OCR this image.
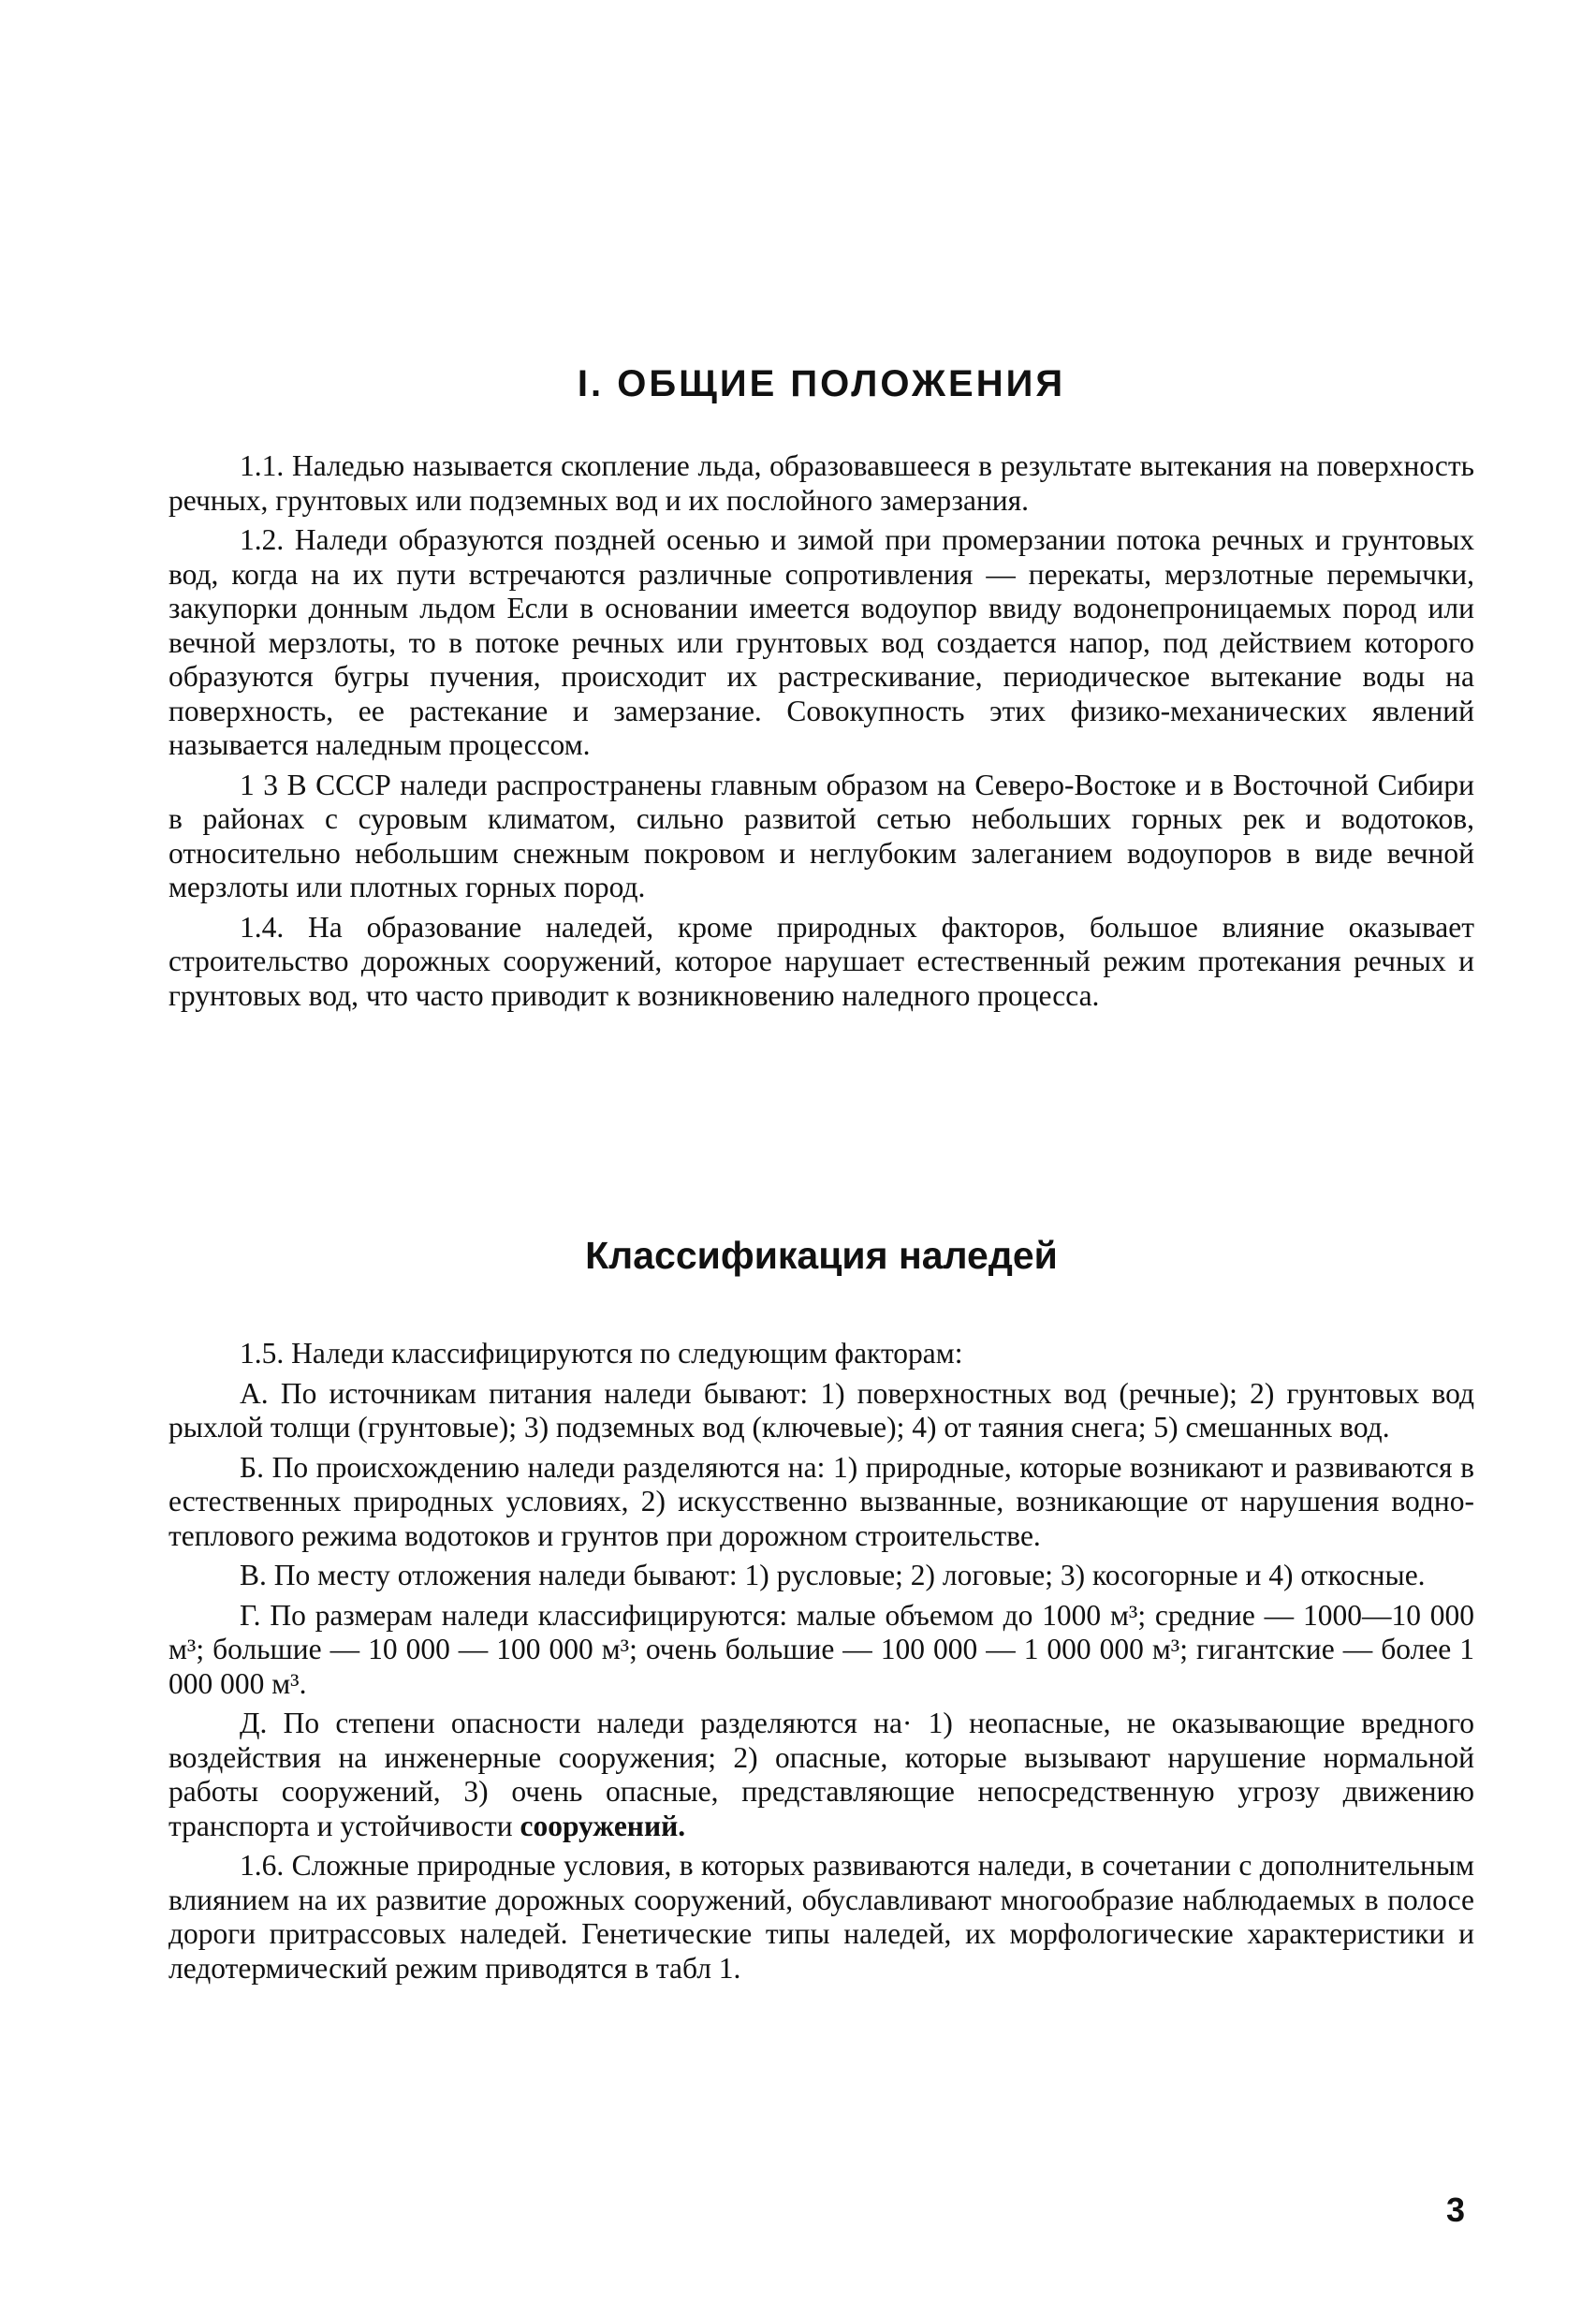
I. ОБЩИЕ ПОЛОЖЕНИЯ

1.1. Наледью называется скопление льда, образовавшееся в результате вытекания на поверхность речных, грунтовых или подземных вод и их послойного замерзания.

1.2. Наледи образуются поздней осенью и зимой при промерзании потока речных и грунтовых вод, когда на их пути встречаются различные сопротивления — перекаты, мерзлотные перемычки, закупорки донным льдом Если в основании имеется водоупор ввиду водонепроницаемых пород или вечной мерзлоты, то в потоке речных или грунтовых вод создается напор, под действием которого образуются бугры пучения, происходит их растрескивание, периодическое вытекание воды на поверхность, ее растекание и замерзание. Совокупность этих физико-механических явлений называется наледным процессом.

1 3 В СССР наледи распространены главным образом на Северо-Востоке и в Восточной Сибири в районах с суровым климатом, сильно развитой сетью небольших горных рек и водотоков, относительно небольшим снежным покровом и неглубоким залеганием водоупоров в виде вечной мерзлоты или плотных горных пород.

1.4. На образование наледей, кроме природных факторов, большое влияние оказывает строительство дорожных сооружений, которое нарушает естественный режим протекания речных и грунтовых вод, что часто приводит к возникновению наледного процесса.

Классификация наледей

1.5. Наледи классифицируются по следующим факторам:

А. По источникам питания наледи бывают: 1) поверхностных вод (речные); 2) грунтовых вод рыхлой толщи (грунтовые); 3) подземных вод (ключевые); 4) от таяния снега; 5) смешанных вод.

Б. По происхождению наледи разделяются на: 1) природные, которые возникают и развиваются в естественных природных условиях, 2) искусственно вызванные, возникающие от нарушения водно-теплового режима водотоков и грунтов при дорожном строительстве.

В. По месту отложения наледи бывают: 1) русловые; 2) логовые; 3) косогорные и 4) откосные.

Г. По размерам наледи классифицируются: малые объемом до 1000 м³; средние — 1000—10 000 м³; большие — 10 000 — 100 000 м³; очень большие — 100 000 — 1 000 000 м³; гигантские — более 1 000 000 м³.

Д. По степени опасности наледи разделяются на· 1) неопасные, не оказывающие вредного воздействия на инженерные сооружения; 2) опасные, которые вызывают нарушение нормальной работы сооружений, 3) очень опасные, представляющие непосредственную угрозу движению транспорта и устойчивости сооружений.

1.6. Сложные природные условия, в которых развиваются наледи, в сочетании с дополнительным влиянием на их развитие дорожных сооружений, обуславливают многообразие наблюдаемых в полосе дороги притрассовых наледей. Генетические типы наледей, их морфологические характеристики и ледотермический режим приводятся в табл 1.

3
